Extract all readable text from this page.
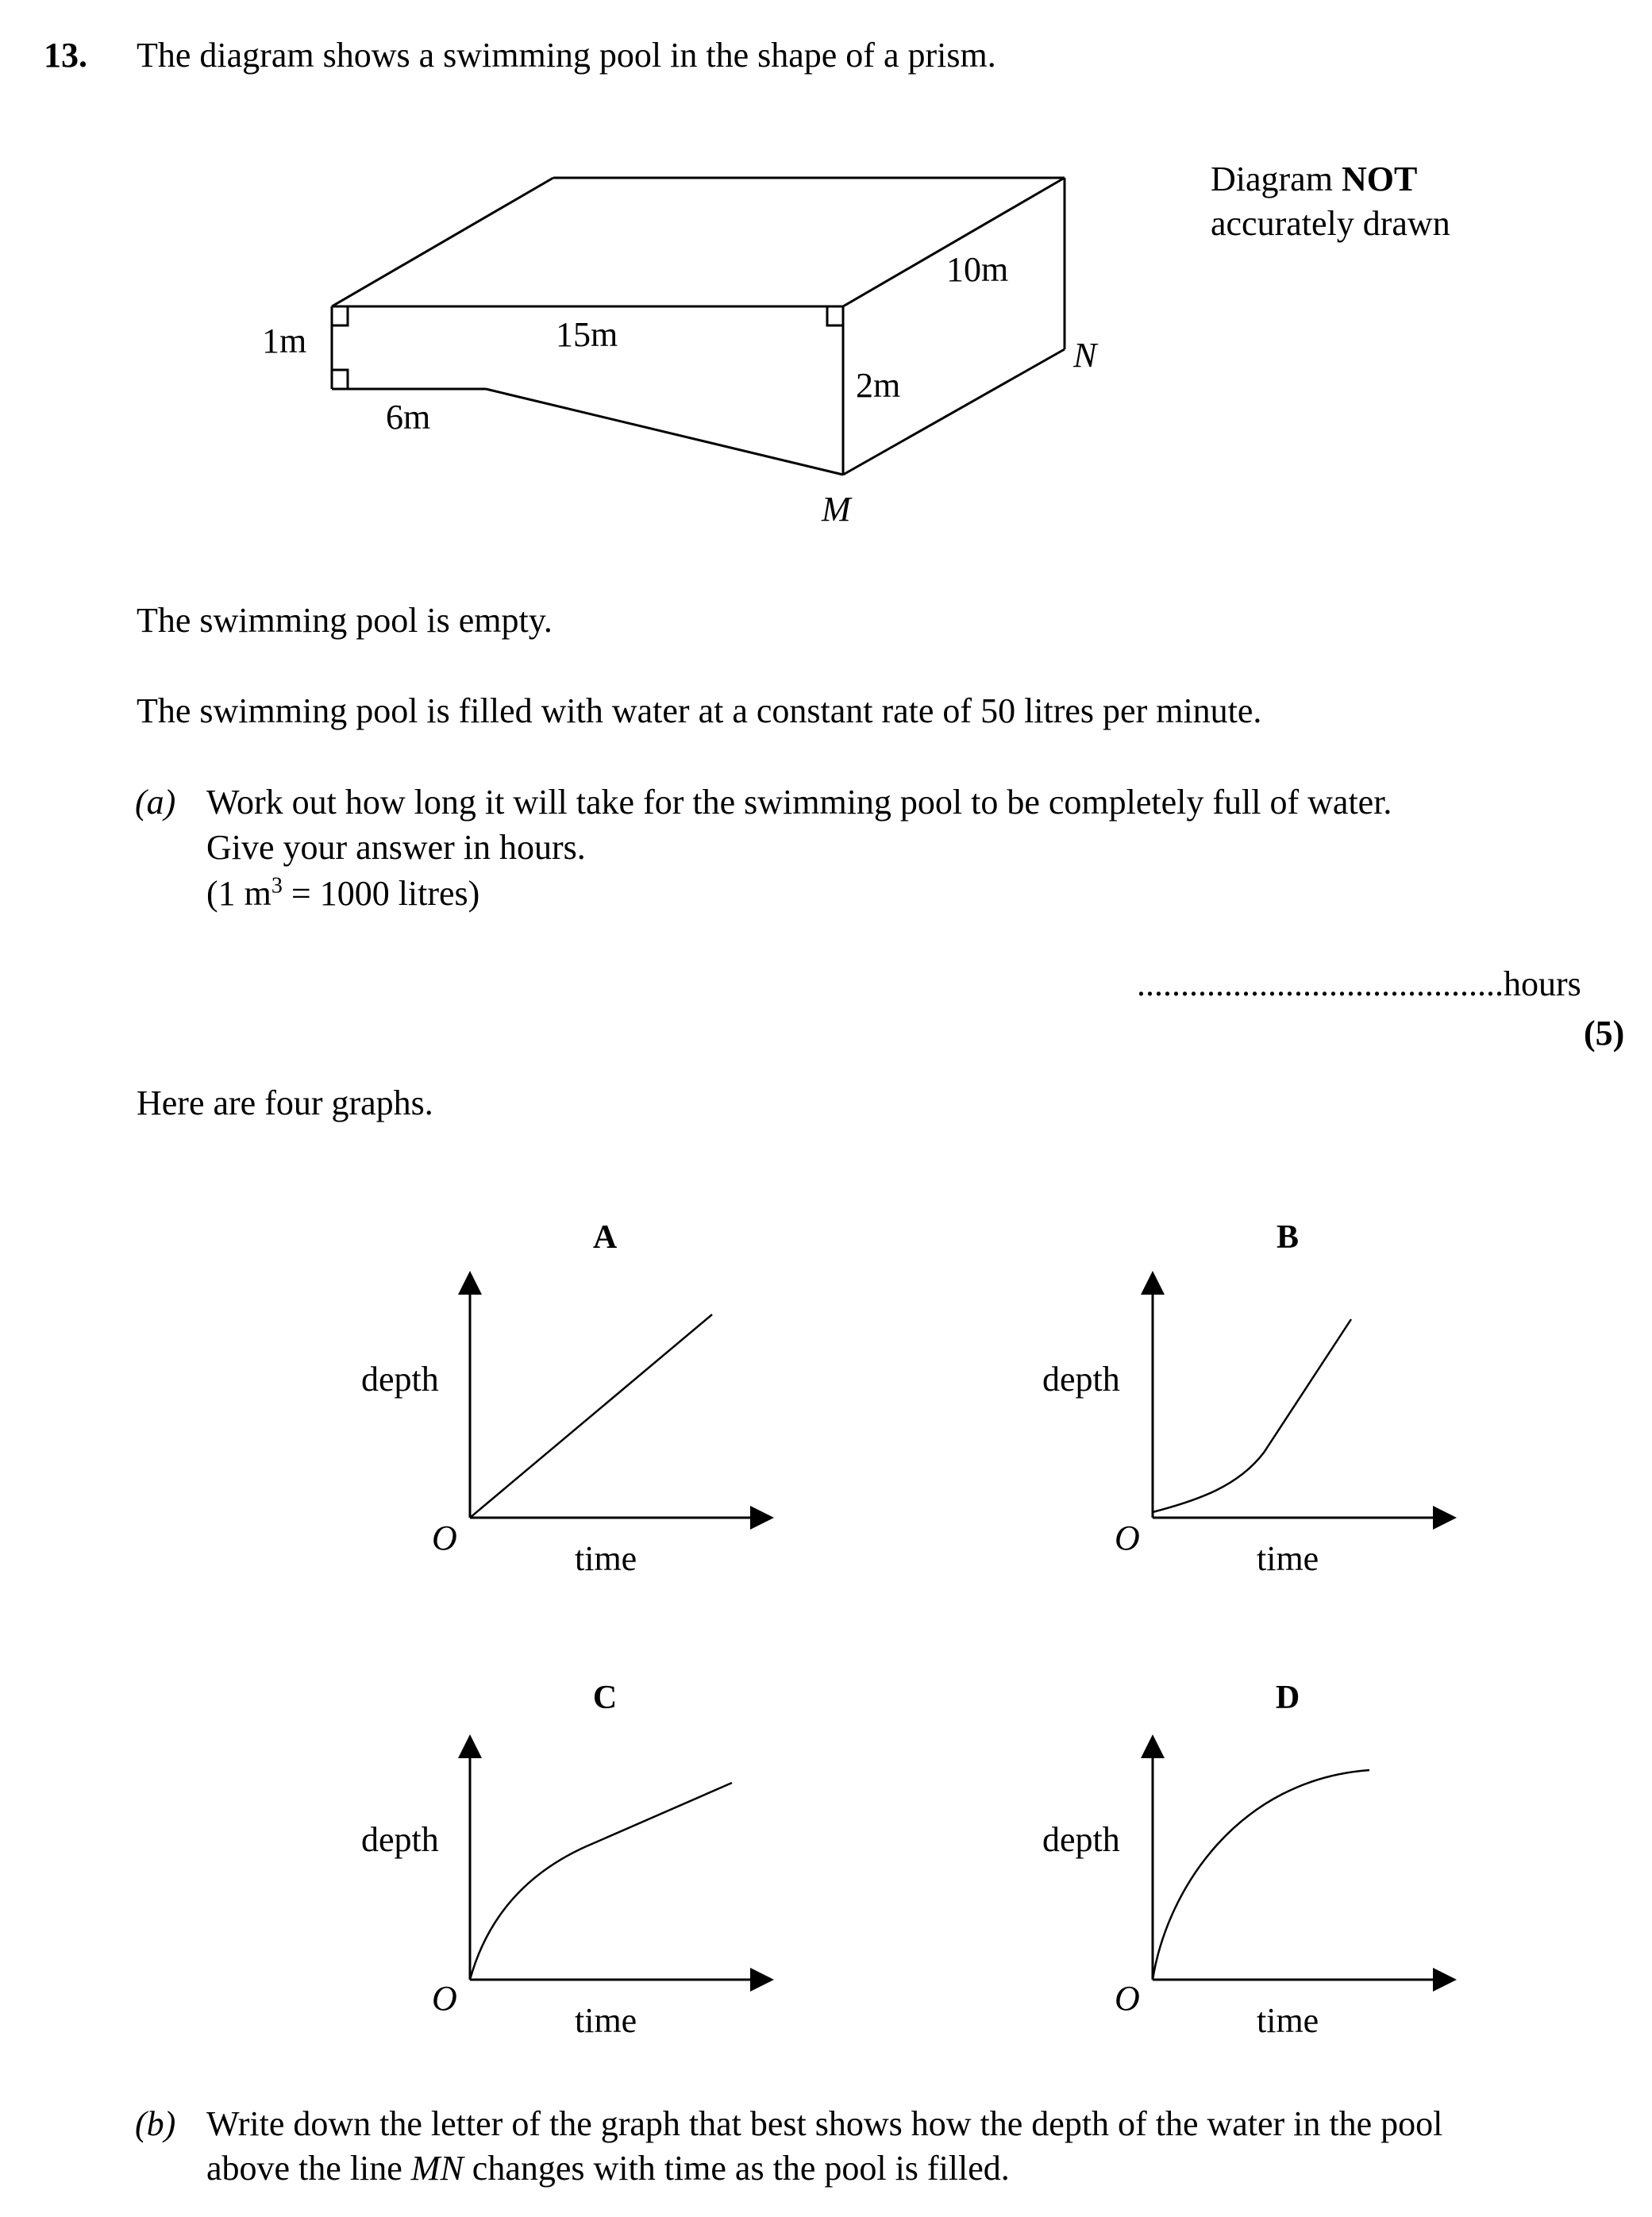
13. The diagram shows a swimming pool in the shape of a prism.
Diagram NOT
accurately drawn
15m
10m
1m
6m
2m
M
N
The swimming pool is empty.
The swimming pool is filled with water at a constant rate of 50 litres per minute.
(a) Work out how long it will take for the swimming pool to be completely full of water.
Give your answer in hours.
(1 $m^3 = 1000$ litres)
..........................................hours
(5)
Here are four graphs.
A
depth
time
O
B
depth
time
O
C
depth
time
O
D
depth
time
O
(b) Write down the letter of the graph that best shows how the depth of the water in the pool
above the line MN changes with time as the pool is filled.
